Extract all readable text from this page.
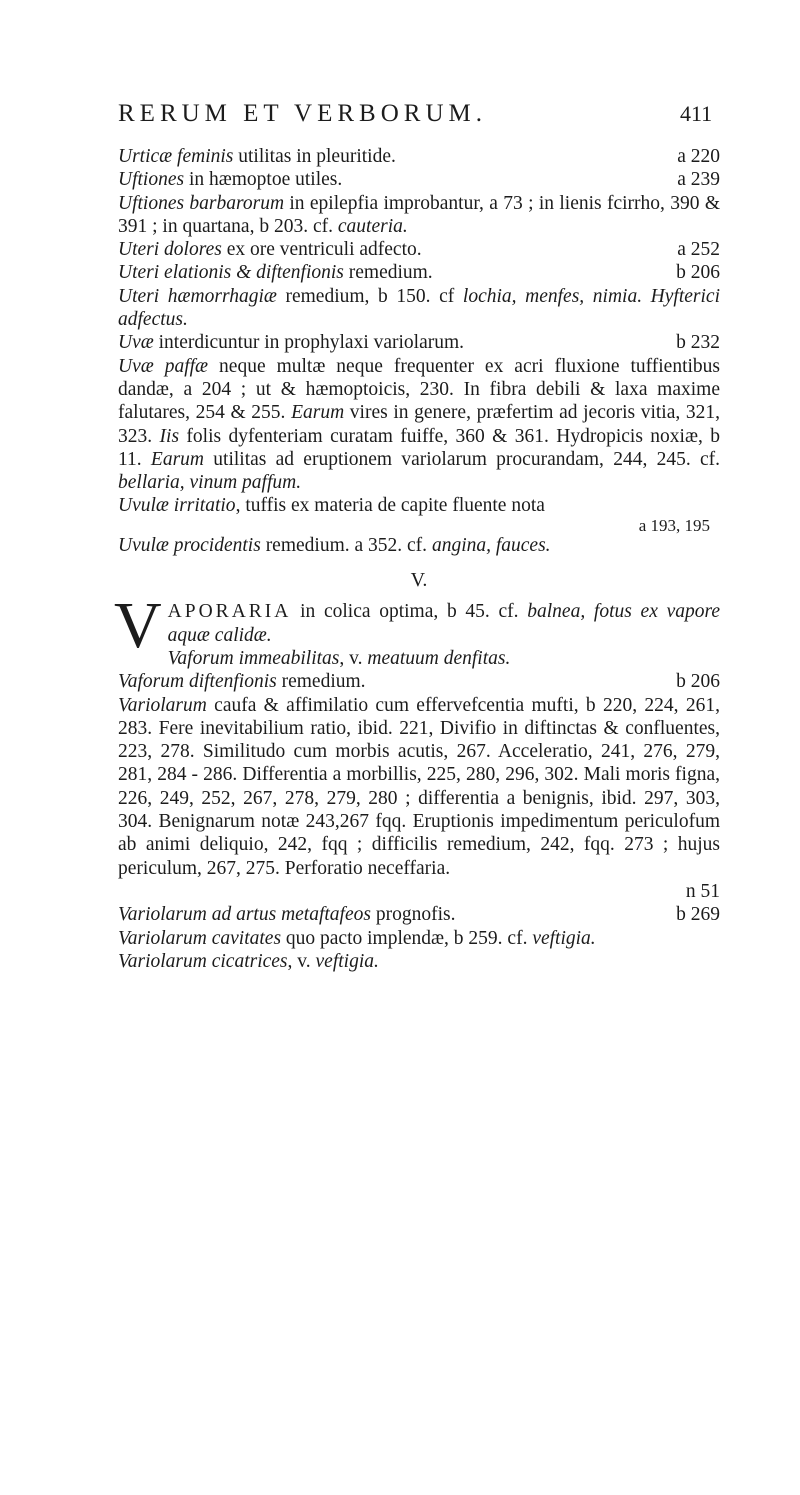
RERUM ET VERBORUM.	411
a 220
Urticæ feminis utilitas in pleuritide.
a 239
Uftiones in hæmoptoe utiles.
Uftiones barbarorum in epilepfia improbantur, a 73 ; in lienis fcirrho, 390 & 391 ; in quartana, b 203. cf. cauteria.
a 252
Uteri dolores ex ore ventriculi adfecto.
b 206
Uteri elationis & diftenfionis remedium.
Uteri hæmorrhagiæ remedium, b 150. cf lochia, menfes, nimia. Hyfterici adfectus.
b 232
Uvæ interdicuntur in prophylaxi variolarum.
Uvæ paffæ neque multæ neque frequenter ex acri fluxione tuffientibus dandæ, a 204 ; ut & hæmoptoicis, 230. In fibra debili & laxa maxime falutares, 254 & 255. Earum vires in genere, præfertim ad jecoris vitia, 321, 323. Iis folis dyfenteriam curatam fuiffe, 360 & 361. Hydropicis noxiæ, b 11. Earum utilitas ad eruptionem variolarum procurandam, 244, 245. cf. bellaria, vinum paffum.
Uvulæ irritatio, tuffis ex materia de capite fluente nota
a 193, 195
Uvulæ procidentis remedium. a 352. cf. angina, fauces.
V.
V APORARIA in colica optima, b 45. cf. balnea, fotus ex vapore aquæ calidæ.
Vaforum immeabilitas, v. meatuum denfitas.
b 206
Vaforum diftenfionis remedium.
Variolarum caufa & affimilatio cum effervefcentia mufti, b 220, 224, 261, 283. Fere inevitabilium ratio, ibid. 221, Divifio in diftinctas & confluentes, 223, 278. Similitudo cum morbis acutis, 267. Acceleratio, 241, 276, 279, 281, 284 - 286. Differentia a morbillis, 225, 280, 296, 302. Mali moris figna, 226, 249, 252, 267, 278, 279, 280 ; differentia a benignis, ibid. 297, 303, 304. Benignarum notæ 243,267 fqq. Eruptionis impedimentum periculofum ab animi deliquio, 242, fqq ; difficilis remedium, 242, fqq. 273 ; hujus periculum, 267, 275. Perforatio neceffaria.
n 51
b 269
Variolarum ad artus metaftafeos prognofis.
Variolarum cavitates quo pacto implendæ, b 259. cf. veftigia.
Variolarum cicatrices, v. veftigia.
